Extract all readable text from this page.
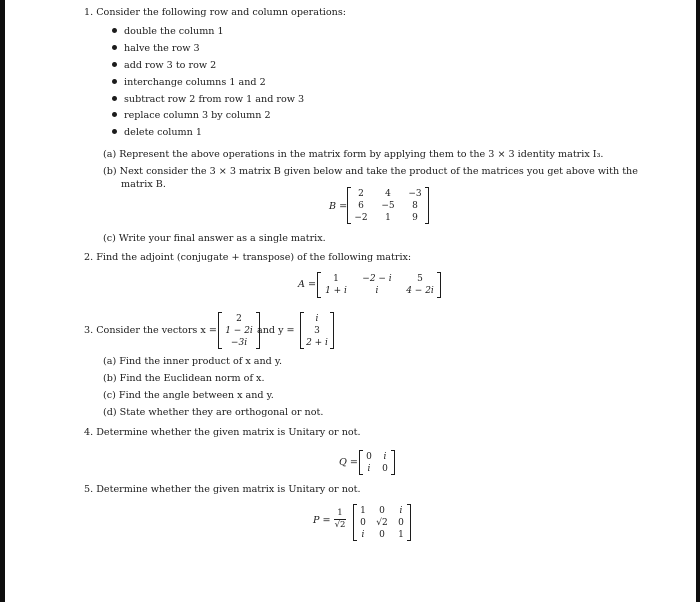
1. Consider the following row and column operations:
double the column 1
halve the row 3
add row 3 to row 2
interchange columns 1 and 2
subtract row 2 from row 1 and row 3
replace column 3 by column 2
delete column 1
(a) Represent the above operations in the matrix form by applying them to the 3 × 3 identity matrix I₃.
(b) Next consider the 3 × 3 matrix B given below and take the product of the matrices you get above with the
matrix B.
B =
2	4	−3
6	−5	8
−2	1	9
(c) Write your final answer as a single matrix.
2. Find the adjoint (conjugate + transpose) of the following matrix:
A =	1	−2 − i	5
1 + i	i	4 − 2i
3. Consider the vectors x =
2
1 − 2i
−3i
and y =
i
3
2 + i
(a) Find the inner product of x and y.
(b) Find the Euclidean norm of x.
(c) Find the angle between x and y.
(d) State whether they are orthogonal or not.
4. Determine whether the given matrix is Unitary or not.
Q =
0 i
i 0
5. Determine whether the given matrix is Unitary or not.
P =
1
√2
1	0	i
0	√2	0
i	0	1
